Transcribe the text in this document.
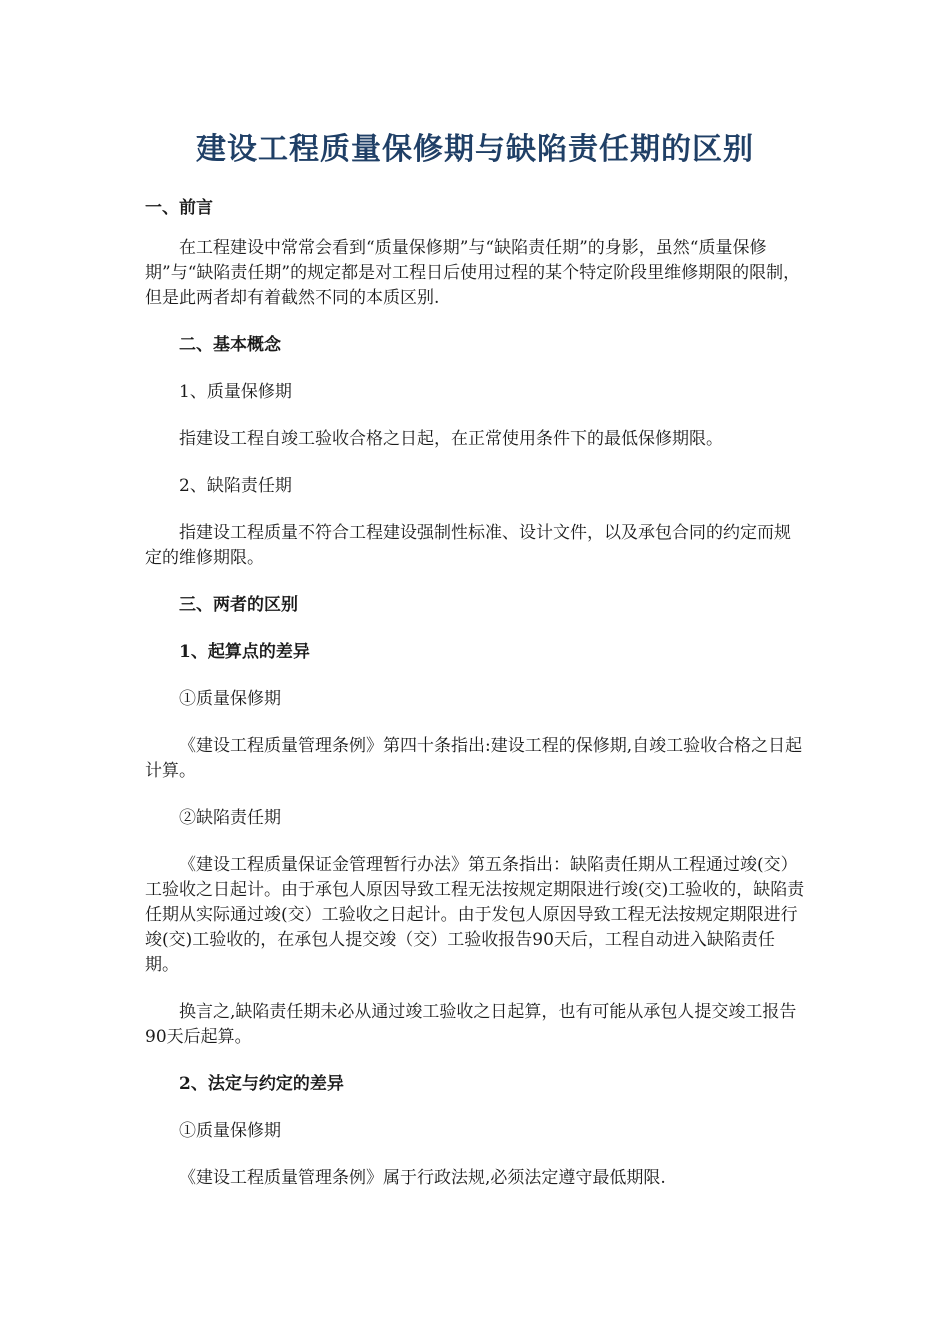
建设工程质量保修期与缺陷责任期的区别

一、前言

在工程建设中常常会看到“质量保修期”与“缺陷责任期”的身影，虽然“质量保修期”与“缺陷责任期”的规定都是对工程日后使用过程的某个特定阶段里维修期限的限制，但是此两者却有着截然不同的本质区别.

二、基本概念

1、质量保修期

指建设工程自竣工验收合格之日起，在正常使用条件下的最低保修期限。

2、缺陷责任期

指建设工程质量不符合工程建设强制性标准、设计文件，以及承包合同的约定而规定的维修期限。

三、两者的区别

1、起算点的差异

①质量保修期

《建设工程质量管理条例》第四十条指出:建设工程的保修期,自竣工验收合格之日起计算。

②缺陷责任期

《建设工程质量保证金管理暂行办法》第五条指出：缺陷责任期从工程通过竣(交）工验收之日起计。由于承包人原因导致工程无法按规定期限进行竣(交)工验收的，缺陷责任期从实际通过竣(交）工验收之日起计。由于发包人原因导致工程无法按规定期限进行竣(交)工验收的，在承包人提交竣（交）工验收报告90天后，工程自动进入缺陷责任期。

换言之,缺陷责任期未必从通过竣工验收之日起算，也有可能从承包人提交竣工报告90天后起算。

2、法定与约定的差异

①质量保修期

《建设工程质量管理条例》属于行政法规,必须法定遵守最低期限.
